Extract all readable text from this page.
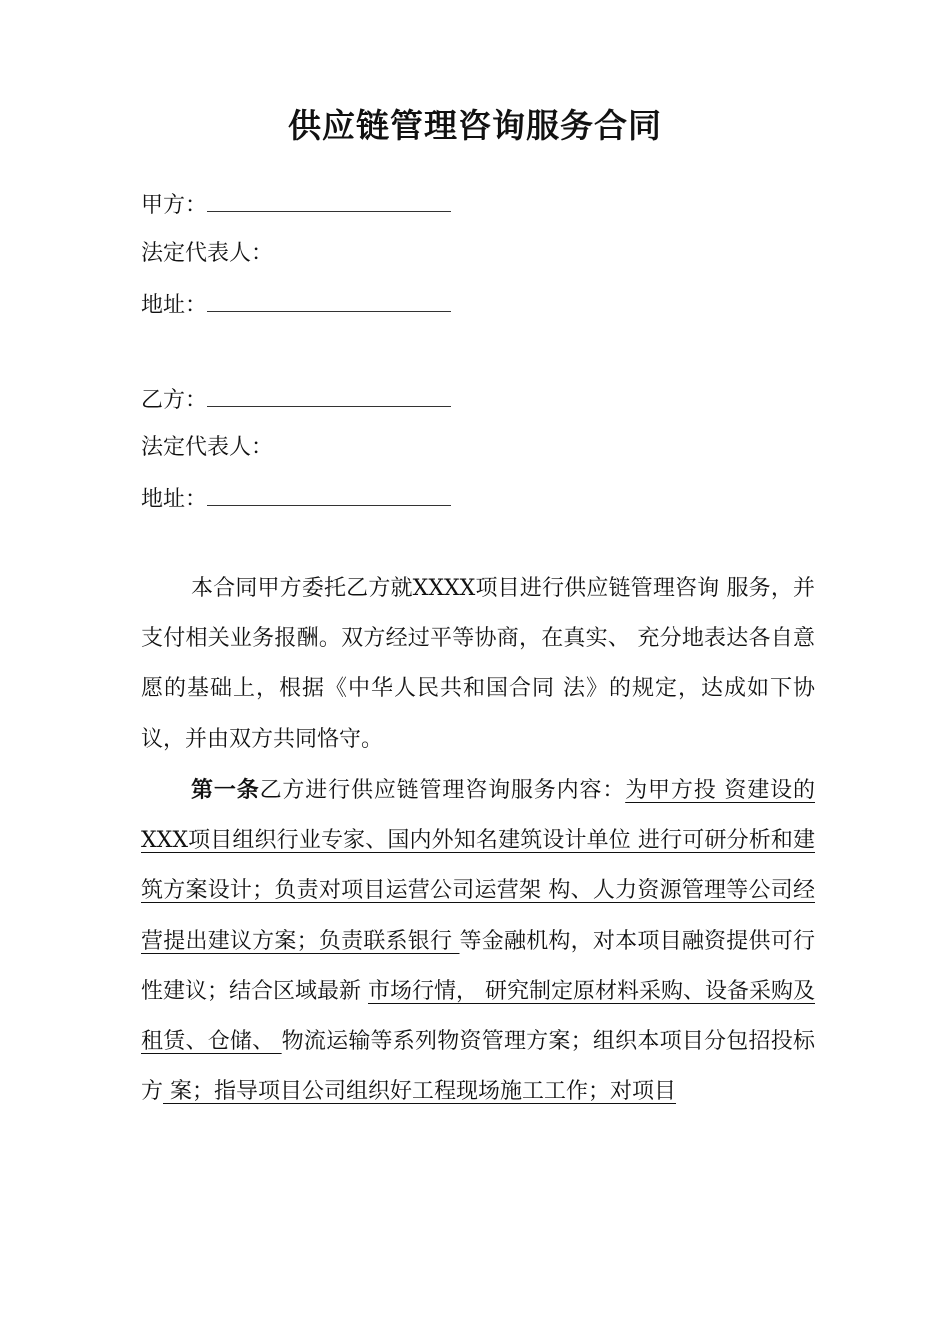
供应链管理咨询服务合同
甲方：
法定代表人：
地址：
乙方：
法定代表人：
地址：
本合同甲方委托乙方就XXXX项目进行供应链管理咨询 服务，并支付相关业务报酬。双方经过平等协商，在真实、 充分地表达各自意愿的基础上，根据《中华人民共和国合同 法》的规定，达成如下协议，并由双方共同恪守。
第一条乙方进行供应链管理咨询服务内容：为甲方投 资建设的XXX项目组织行业专家、国内外知名建筑设计单位 进行可研分析和建筑方案设计；负责对项目运营公司运营架 构、人力资源管理等公司经营提出建议方案；负责联系银行 等金融机构，对本项目融资提供可行性建议；结合区域最新 市场行情， 研究制定原材料采购、设备采购及租赁、仓储、 物流运输等系列物资管理方案；组织本项目分包招投标方 案；指导项目公司组织好工程现场施工工作；对项目
